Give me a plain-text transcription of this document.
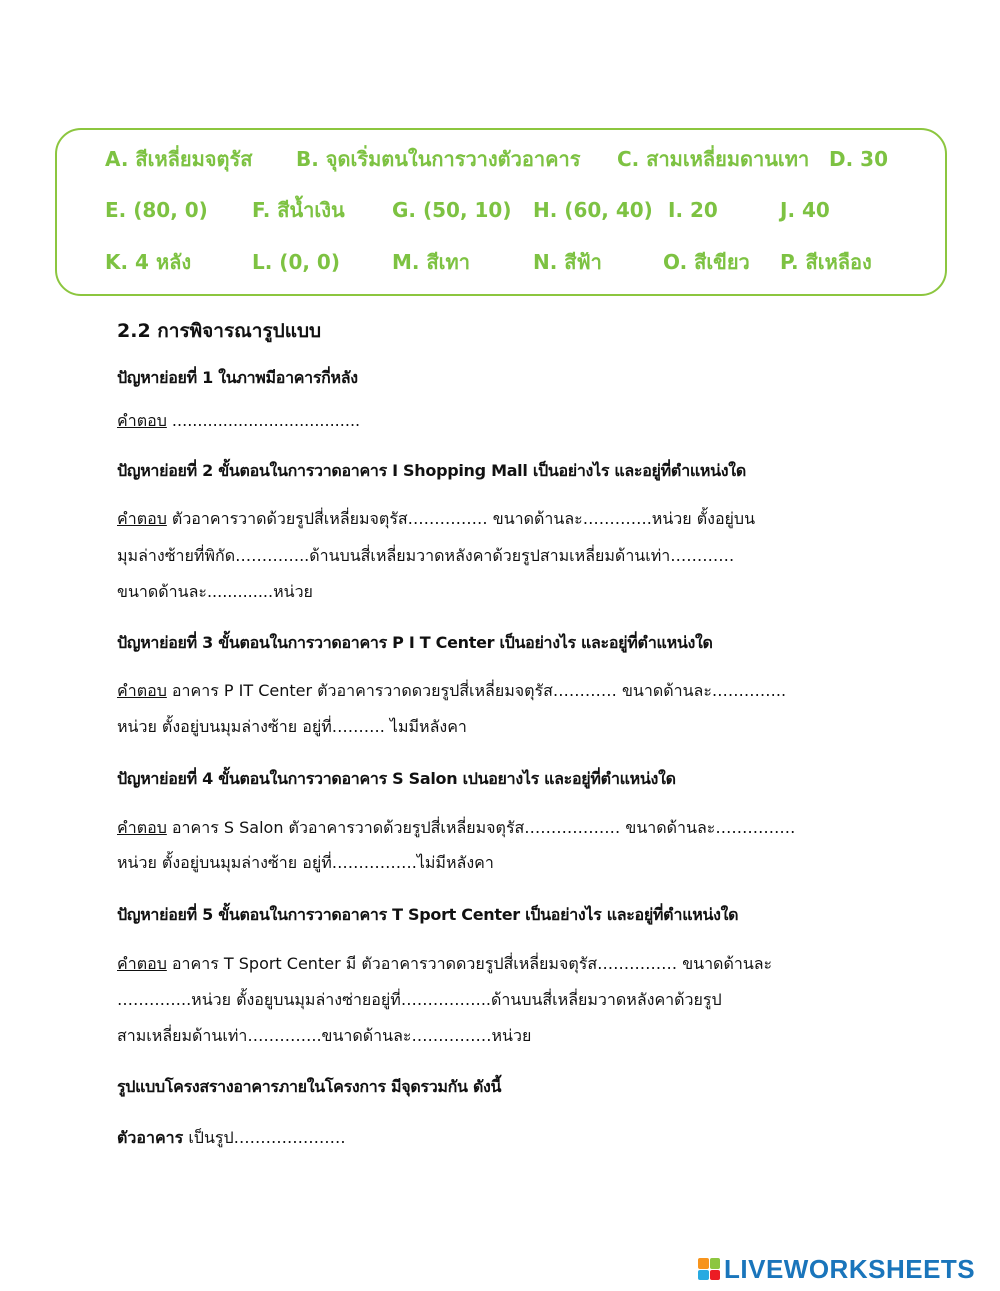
A. สีเหลี่ยมจตุรัส B. จุดเริ่มตนในการวางตัวอาคาร C. สามเหลี่ยมดานเทา D. 30
E. (80, 0) F. สีน้ำเงิน G. (50, 10) H. (60, 40) I. 20	J. 40
K. 4 หลัง	L. (0, 0)	M. สีเทา	N. สีฟ้า	O. สีเขียว P. สีเหลือง
2.2 การพิจารณารูปแบบ
ปัญหาย่อยที่ 1 ในภาพมีอาคารกี่หลัง
คำตอบ .....................................
ปัญหาย่อยที่ 2 ขั้นตอนในการวาดอาคาร I Shopping Mall เป็นอย่างไร และอยู่ที่ตำแหน่งใด
คำตอบ ตัวอาคารวาดด้วยรูปสี่เหลี่ยมจตุรัส…………… ขนาดด้านละ………….หน่วย ตั้งอยู่บน
มุมล่างซ้ายที่พิกัด…………..ด้านบนสี่เหลี่ยมวาดหลังคาด้วยรูปสามเหลี่ยมด้านเท่า…………
ขนาดด้านละ.............หน่วย
ปัญหาย่อยที่ 3 ขั้นตอนในการวาดอาคาร P I T Center เป็นอย่างไร และอยู่ที่ตำแหน่งใด
คำตอบ อาคาร P IT Center ตัวอาคารวาดดวยรูปสี่เหลี่ยมจตุรัส………… ขนาดด้านละ…………..
หน่วย ตั้งอยู่บนมุมล่างซ้าย อยู่ที่………. ไมมีหลังคา
ปัญหาย่อยที่ 4 ขั้นตอนในการวาดอาคาร S Salon เปนอยางไร และอยู่ที่ตำแหน่งใด
คำตอบ อาคาร S Salon ตัวอาคารวาดด้วยรูปสี่เหลี่ยมจตุรัส……………… ขนาดด้านละ……………
หน่วย ตั้งอยู่บนมุมล่างซ้าย อยู่ที่…………….ไม่มีหลังคา
ปัญหาย่อยที่ 5 ขั้นตอนในการวาดอาคาร T Sport Center เป็นอย่างไร และอยู่ที่ตำแหน่งใด
คำตอบ อาคาร T Sport Center มี ตัวอาคารวาดดวยรูปสี่เหลี่ยมจตุรัส…………… ขนาดด้านละ
…………..หน่วย ตั้งอยูบนมุมล่างซ่ายอยู่ที่……………..ด้านบนสี่เหลี่ยมวาดหลังคาด้วยรูป
สามเหลี่ยมด้านเท่า…………..ขนาดด้านละ……………หน่วย
รูปแบบโครงสรางอาคารภายในโครงการ มีจุดรวมกัน ดังนี้
ตัวอาคาร เป็นรูป…………………
LIVEWORKSHEETS
